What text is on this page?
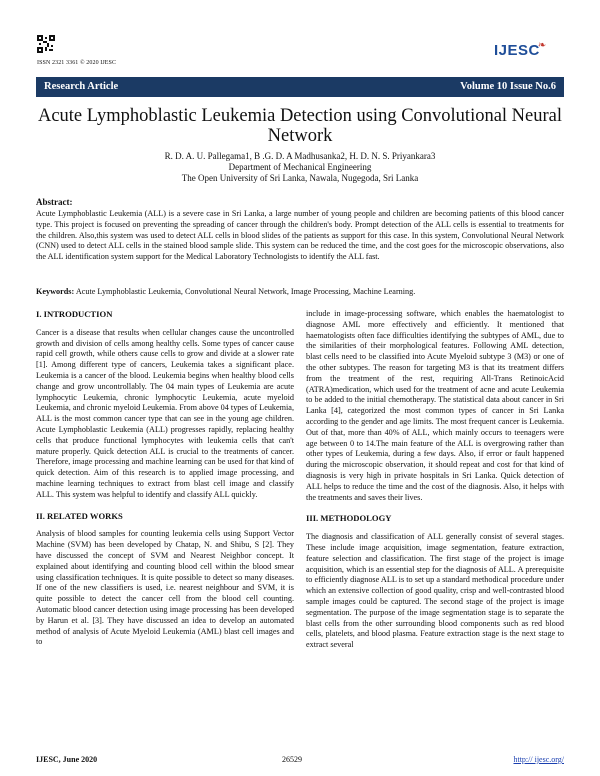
ISSN 2321 3361 © 2020 IJESC
IJESC❧
Research Article	Volume 10 Issue No.6
Acute Lymphoblastic Leukemia Detection using Convolutional Neural Network
R. D. A. U. Pallegama1, B .G. D. A Madhusanka2, H. D. N. S. Priyankara3
Department of Mechanical Engineering
The Open University of Sri Lanka, Nawala, Nugegoda, Sri Lanka
Abstract:
Acute Lymphoblastic Leukemia (ALL) is a severe case in Sri Lanka, a large number of young people and children are becoming patients of this blood cancer type. This project is focused on preventing the spreading of cancer through the children's body. Prompt detection of the ALL cells is essential to treatments for the children. Also,this system was used to detect ALL cells in blood slides of the patients as support for this case. In this system, Convolutional Neural Network (CNN) used to detect ALL cells in the stained blood sample slide. This system can be reduced the time, and the cost goes for the microscopic observations, also the ALL identification system support for the Medical Laboratory Technologists to identify the ALL fast.
Keywords: Acute Lymphoblastic Leukemia, Convolutional Neural Network, Image Processing, Machine Learning.
I. INTRODUCTION

Cancer is a disease that results when cellular changes cause the uncontrolled growth and division of cells among healthy cells. Some types of cancer cause rapid cell growth, while others cause cells to grow and divide at a slower rate [1]. Among different type of cancers, Leukemia takes a significant place. Leukemia is a cancer of the blood. Leukemia begins when healthy blood cells change and grow uncontrollably. The 04 main types of Leukemia are acute lymphocytic Leukemia, chronic lymphocytic Leukemia, acute myeloid Leukemia, and chronic myeloid Leukemia. From above 04 types of Leukemia, ALL is the most common cancer type that can see in the young age children. Acute Lymphoblastic Leukemia (ALL) progresses rapidly, replacing healthy cells that produce functional lymphocytes with leukemia cells that can't mature properly. Quick detection ALL is crucial to the treatments of cancer. Therefore, image processing and machine learning can be used for that kind of quick detection. Aim of this research is to applied image processing, and machine learning techniques to extract from blast cell image and classify ALL. This system was helpful to identify and classify ALL quickly.

II. RELATED WORKS

Analysis of blood samples for counting leukemia cells using Support Vector Machine (SVM) has been developed by Chatap, N. and Shibu, S [2]. They have discussed the concept of SVM and Nearest Neighbor concept. It explained about identifying and counting blood cell within the blood smear using classification techniques. It is quite possible to detect so many diseases. If one of the new classifiers is used, i.e. nearest neighbour and SVM, it is quite possible to detect the cancer cell from the blood cell counting. Automatic blood cancer detection using image processing has been developed by Harun et al. [3]. They have discussed an idea to develop an automated method of analysis of Acute Myeloid Leukemia (AML) blast cell images and to

include in image-processing software, which enables the haematologist to diagnose AML more effectively and efficiently. It mentioned that haematologists often face difficulties identifying the subtypes of AML, due to the similarities of their morphological features. Following AML detection, blast cells need to be classified into Acute Myeloid subtype 3 (M3) or one of the other subtypes. The reason for targeting M3 is that its treatment differs from the treatment of the rest, requiring All-Trans RetinoicAcid (ATRA)medication, which used for the treatment of acne and acute Leukemia to be added to the initial chemotherapy. The statistical data about cancer in Sri Lanka [4], categorized the most common types of cancer in Sri Lanka according to the gender and age limits. The most frequent cancer is Leukemia. Out of that, more than 40% of ALL, which mainly occurs to teenagers were age between 0 to 14.The main feature of the ALL is overgrowing rather than other types of Leukemia, during a few days. Also, if error or fault happened during the microscopic observation, it should repeat and cost for that kind of diagnosis is very high in private hospitals in Sri Lanka. Quick detection of ALL helps to reduce the time and the cost of the diagnosis. Also, it helps with the treatments and saves their lives.

III. METHODOLOGY

The diagnosis and classification of ALL generally consist of several stages. These include image acquisition, image segmentation, feature extraction, feature selection and classification. The first stage of the project is image acquisition, which is an essential step for the diagnosis of ALL. A prerequisite to efficiently diagnose ALL is to set up a standard methodical procedure under which an extensive collection of good quality, crisp and well-contrasted blood sample images could be captured. The second stage of the project is image segmentation. The purpose of the image segmentation stage is to separate the blast cells from the other surrounding blood components such as red blood cells, platelets, and blood plasma. Feature extraction stage is the next stage to extract several

IJESC, June 2020	26529	http:// ijesc.org/
